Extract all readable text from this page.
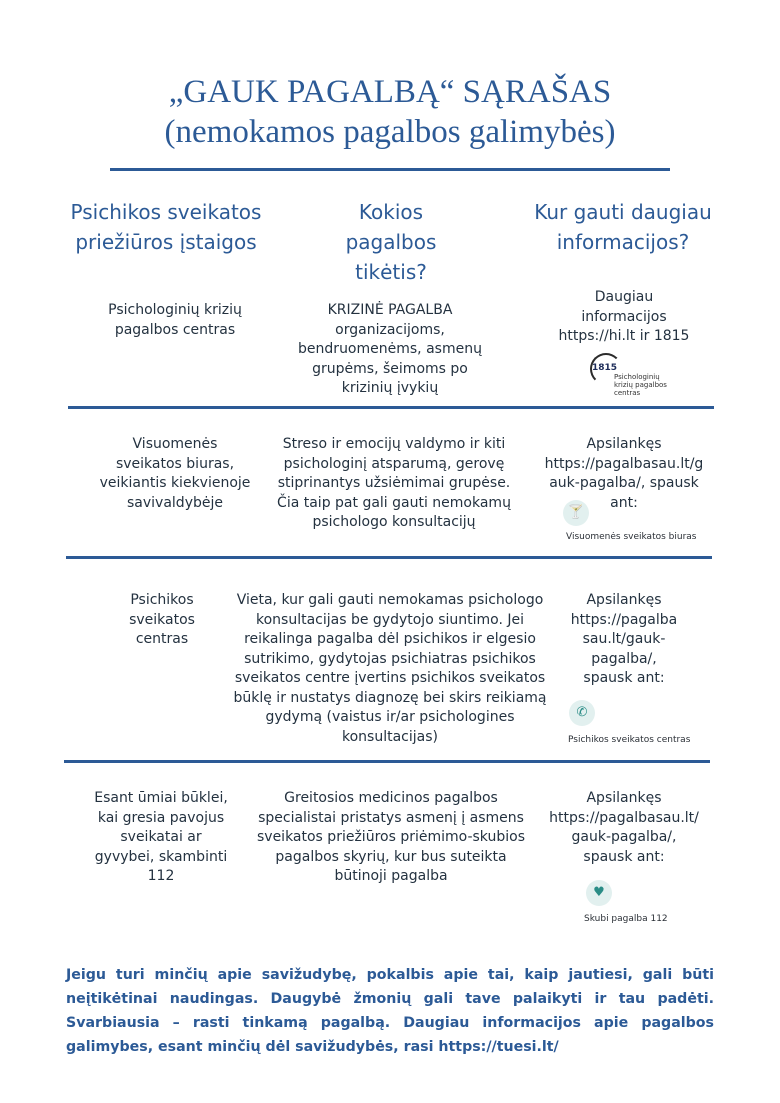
„GAUK PAGALBĄ“ SĄRAŠAS
(nemokamos pagalbos galimybės)
Psichikos sveikatos
priežiūros įstaigos
Kokios
pagalbos
tikėtis?
Kur gauti daugiau
informacijos?
Psichologinių krizių
pagalbos centras
KRIZINĖ PAGALBA
organizacijoms,
bendruomenėms, asmenų
grupėms, šeimoms po
krizinių įvykių
Daugiau
informacijos
https://hi.lt ir 1815
1815
Psichologinių
krizių pagalbos
centras
Visuomenės
sveikatos biuras,
veikiantis kiekvienoje
savivaldybėje
Streso ir emocijų valdymo ir kiti
psichologinį atsparumą, gerovę
stiprinantys užsiėmimai grupėse.
Čia taip pat gali gauti nemokamų
psichologo konsultacijų
Apsilankęs
https://pagalbasau.lt/g
auk-pagalba/, spausk
ant:
🍸
Visuomenės sveikatos biuras
Psichikos
sveikatos
centras
Vieta, kur gali gauti nemokamas psichologo
konsultacijas be gydytojo siuntimo. Jei
reikalinga pagalba dėl psichikos ir elgesio
sutrikimo, gydytojas psichiatras psichikos
sveikatos centre įvertins psichikos sveikatos
būklę ir nustatys diagnozę bei skirs reikiamą
gydymą (vaistus ir/ar psichologines
konsultacijas)
Apsilankęs
https://pagalba
sau.lt/gauk-
pagalba/,
spausk ant:
✆
Psichikos sveikatos centras
Esant ūmiai būklei,
kai gresia pavojus
sveikatai ar
gyvybei, skambinti
112
Greitosios medicinos pagalbos
specialistai pristatys asmenį į asmens
sveikatos priežiūros priėmimo-skubios
pagalbos skyrių, kur bus suteikta
būtinoji pagalba
Apsilankęs
https://pagalbasau.lt/
gauk-pagalba/,
spausk ant:
♥
Skubi pagalba 112
Jeigu turi minčių apie savižudybę, pokalbis apie tai, kaip jautiesi, gali būti neįtikėtinai naudingas. Daugybė žmonių gali tave palaikyti ir tau padėti. Svarbiausia – rasti tinkamą pagalbą. Daugiau informacijos apie pagalbos galimybes, esant minčių dėl savižudybės, rasi https://tuesi.lt/
